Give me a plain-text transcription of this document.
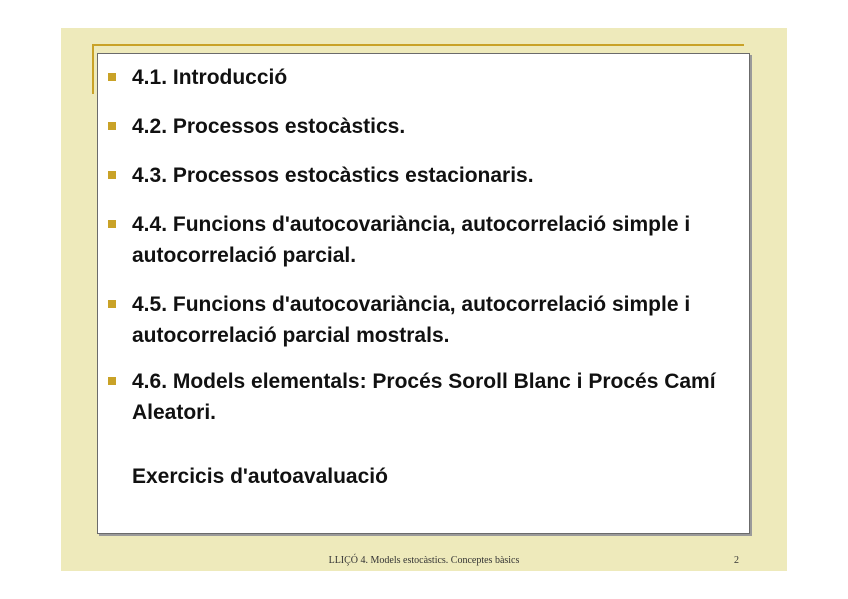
4.1. Introducció
4.2. Processos estocàstics.
4.3. Processos estocàstics estacionaris.
4.4. Funcions d'autocovariància, autocorrelació simple i autocorrelació parcial.
4.5. Funcions d'autocovariància, autocorrelació simple i autocorrelació parcial mostrals.
4.6. Models elementals: Procés Soroll Blanc i Procés Camí Aleatori.
Exercicis d'autoavaluació
LLIÇÓ 4. Models estocàstics. Conceptes bàsics	2
